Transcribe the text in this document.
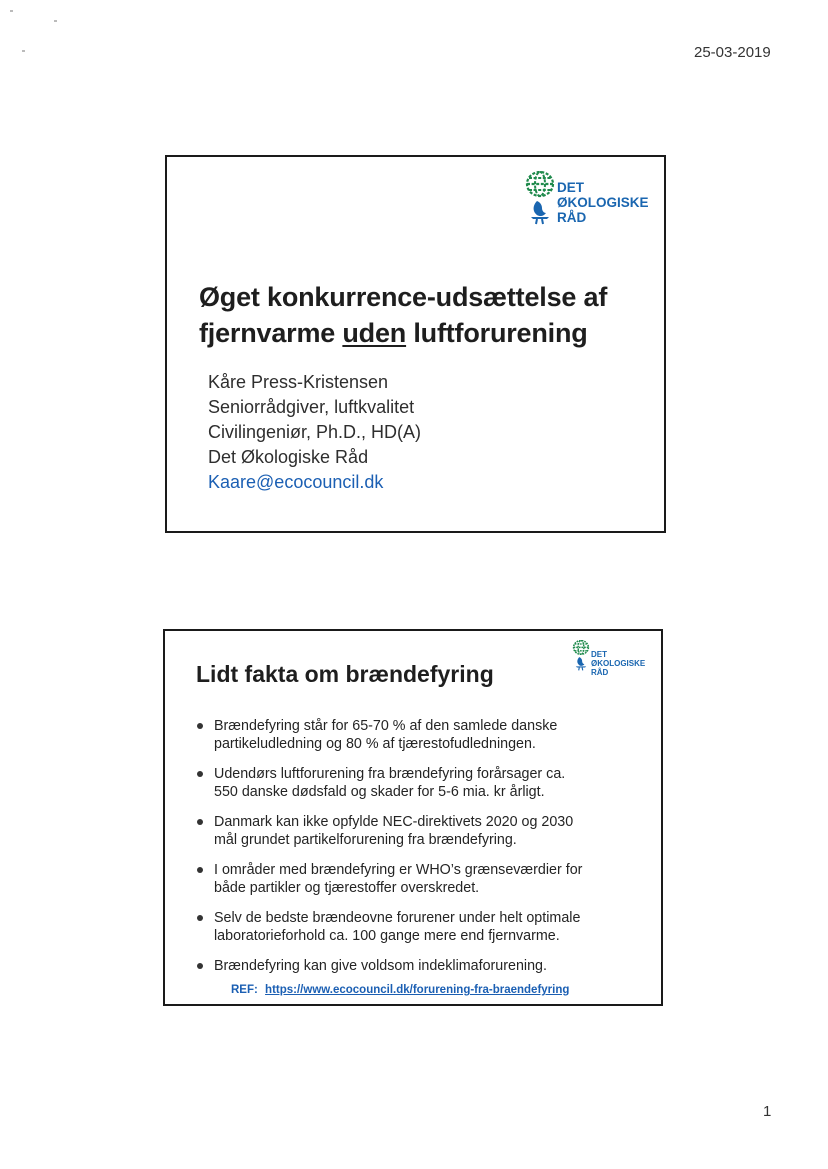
25-03-2019
DET
ØKOLOGISKE
RÅD
Øget konkurrence-udsættelse af
fjernvarme uden luftforurening
Kåre Press-Kristensen
Seniorrådgiver, luftkvalitet
Civilingeniør, Ph.D., HD(A)
Det Økologiske Råd
Kaare@ecocouncil.dk
DET
ØKOLOGISKE
RÅD
Lidt fakta om brændefyring
Brændefyring står for 65-70 % af den samlede danske
partikeludledning og 80 % af tjærestofudledningen.
Udendørs luftforurening fra brændefyring forårsager ca.
550 danske dødsfald og skader for 5-6 mia. kr årligt.
Danmark kan ikke opfylde NEC-direktivets 2020 og 2030
mål grundet partikelforurening fra brændefyring.
I områder med brændefyring er WHO’s grænseværdier for
både partikler og tjærestoffer overskredet.
Selv de bedste brændeovne forurener under helt optimale
laboratorieforhold ca. 100 gange mere end fjernvarme.
Brændefyring kan give voldsom indeklimaforurening.
REF: https://www.ecocouncil.dk/forurening-fra-braendefyring
1
